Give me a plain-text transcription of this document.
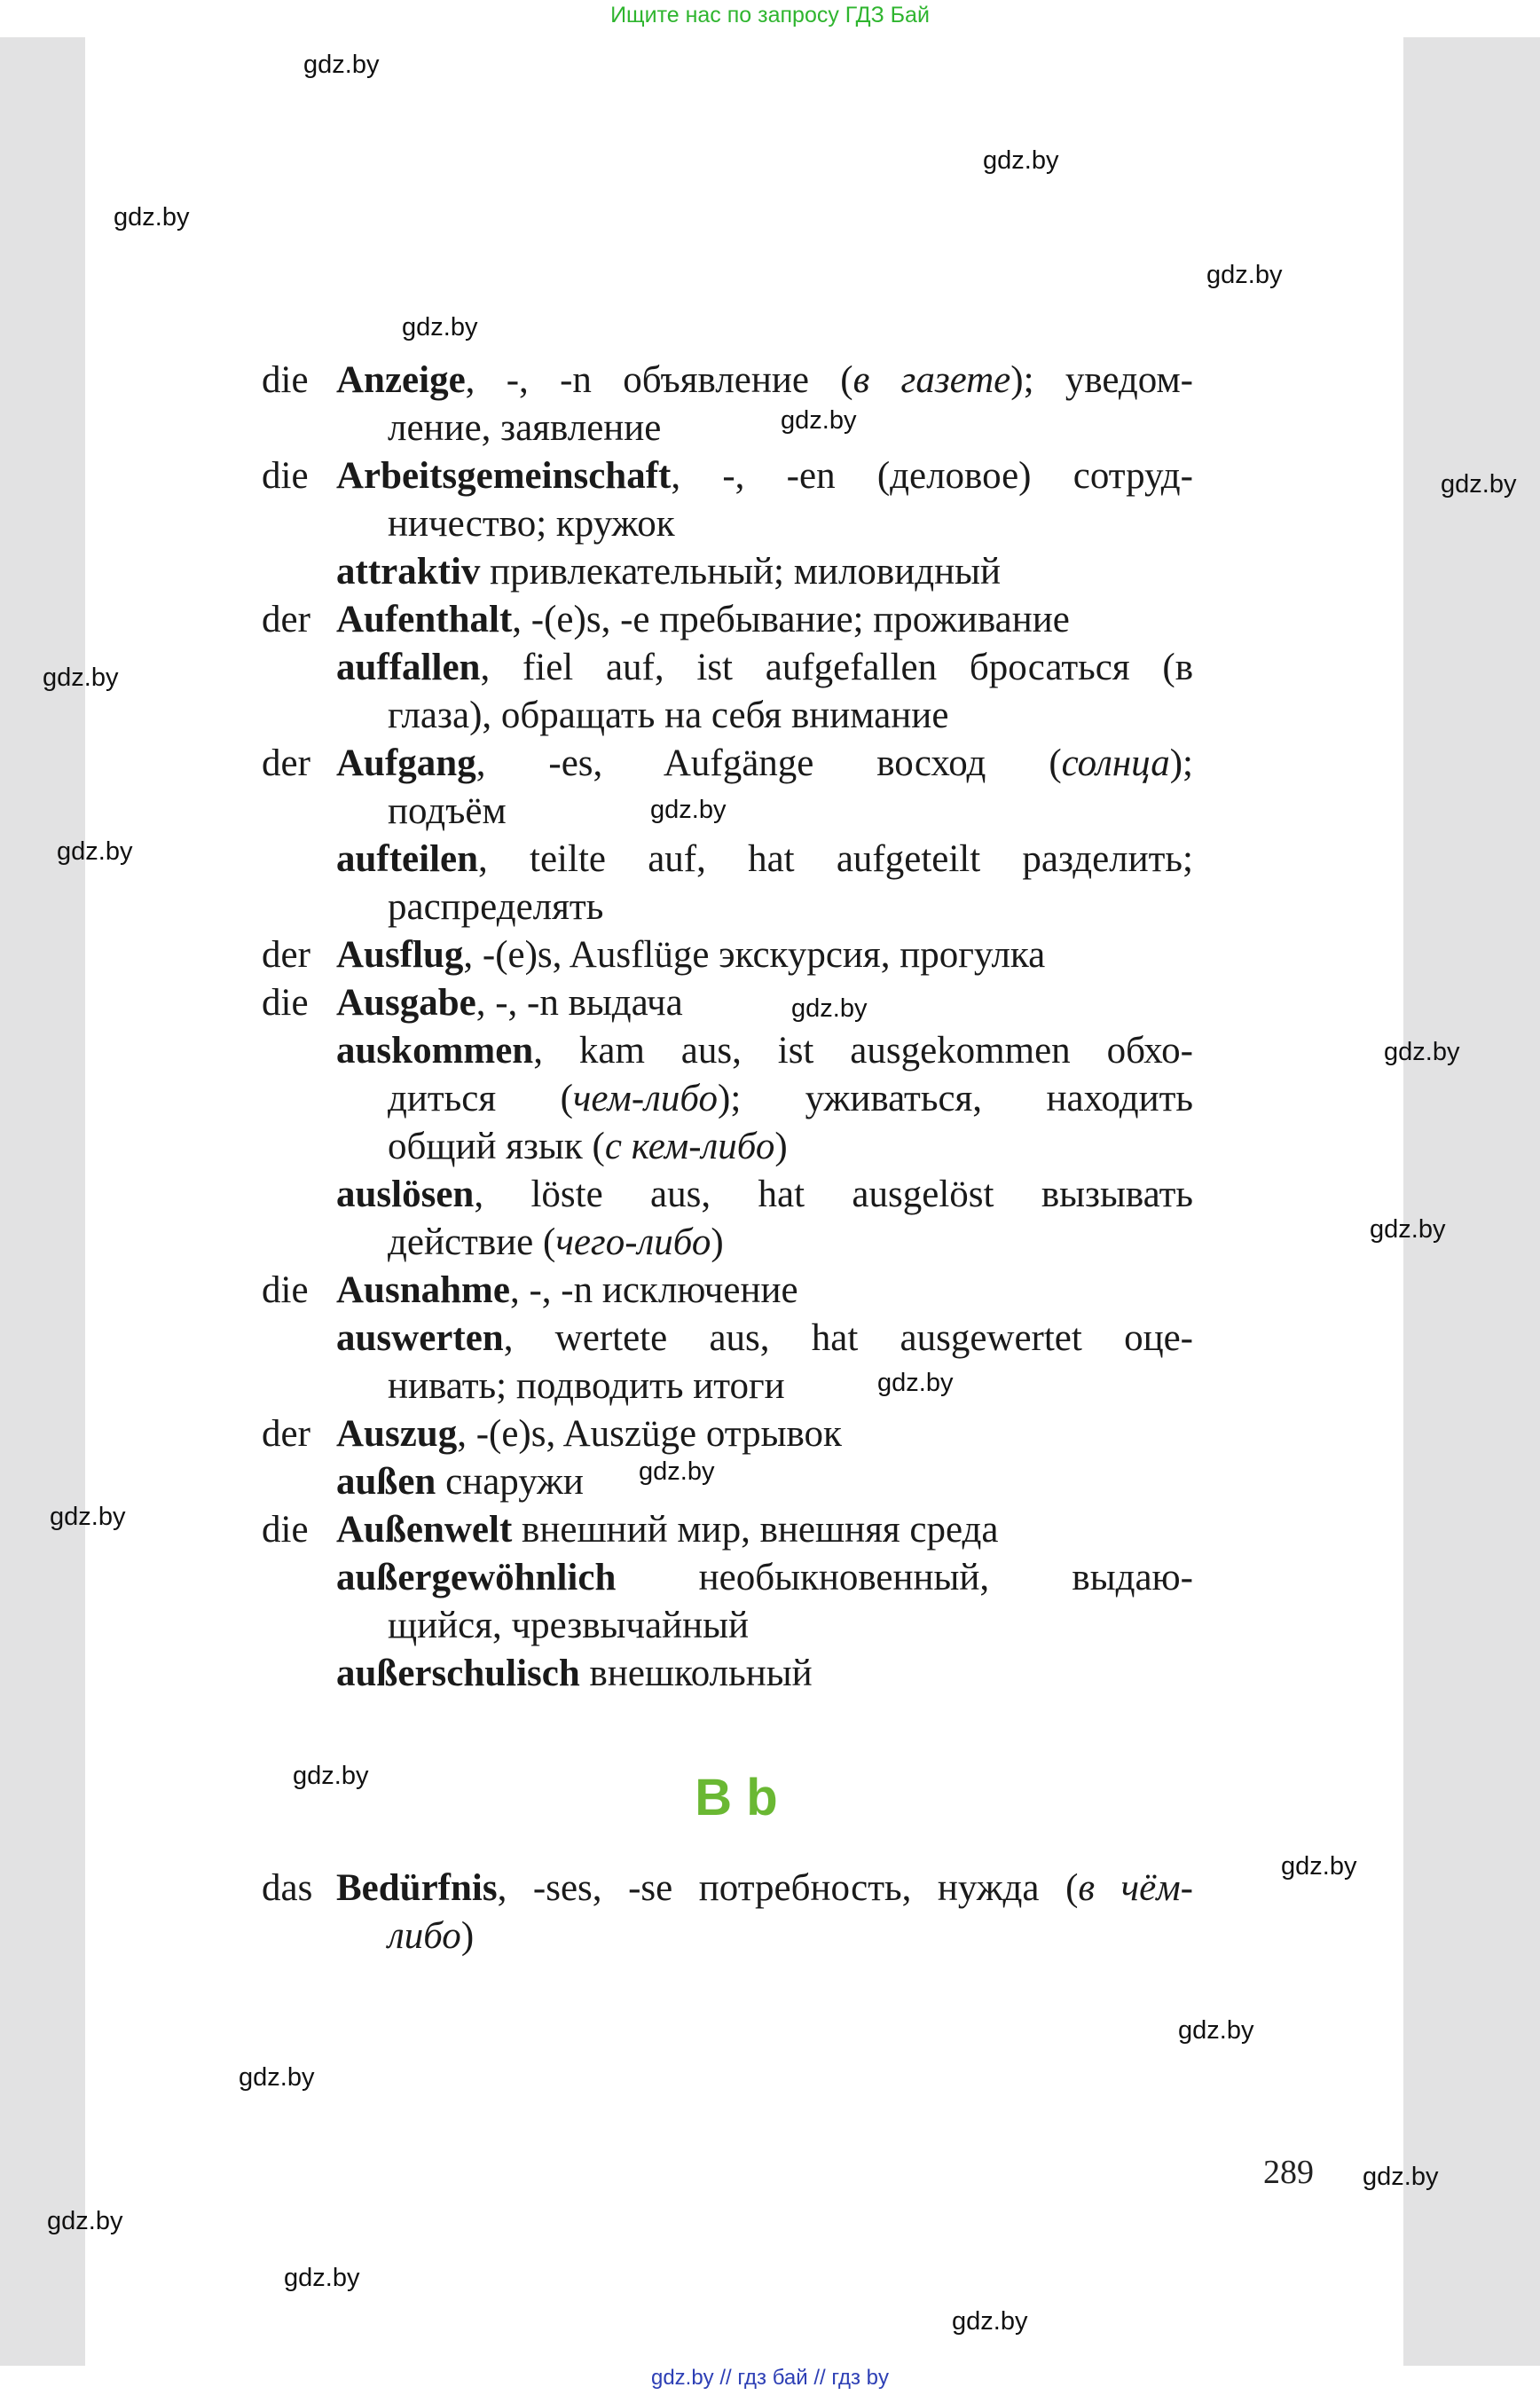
Ищите нас по запросу ГДЗ Бай
gdz.by
gdz.by
gdz.by
gdz.by
gdz.by
gdz.by
gdz.by
gdz.by
gdz.by
gdz.by
gdz.by
gdz.by
gdz.by
gdz.by
gdz.by
gdz.by
gdz.by
gdz.by
gdz.by
gdz.by
gdz.by
gdz.by
gdz.by
gdz.by
die Anzeige, -, -n объявление (в газете); уведом-
ление, заявление
die Arbeitsgemeinschaft, -, -en (деловое) сотруд-
ничество; кружок
attraktiv привлекательный; миловидный
der Aufenthalt, -(e)s, -e пребывание; проживание
auffallen, fiel auf, ist aufgefallen бросаться (в
глаза), обращать на себя внимание
der Aufgang, -es, Aufgänge восход (солнца);
подъём
aufteilen, teilte auf, hat aufgeteilt разделить;
распределять
der Ausflug, -(e)s, Ausflüge экскурсия, прогулка
die Ausgabe, -, -n выдача
auskommen, kam aus, ist ausgekommen обхо-
диться (чем-либо); уживаться, находить
общий язык (с кем-либо)
auslösen, löste aus, hat ausgelöst вызывать
действие (чего-либо)
die Ausnahme, -, -n исключение
auswerten, wertete aus, hat ausgewertet оце-
нивать; подводить итоги
der Auszug, -(e)s, Auszüge отрывок
außen снаружи
die Außenwelt внешний мир, внешняя среда
außergewöhnlich необыкновенный, выдаю-
щийся, чрезвычайный
außerschulisch внешкольный
B b
das Bedürfnis, -ses, -se потребность, нужда (в чём-
либо)
289
gdz.by // гдз бай // гдз by
